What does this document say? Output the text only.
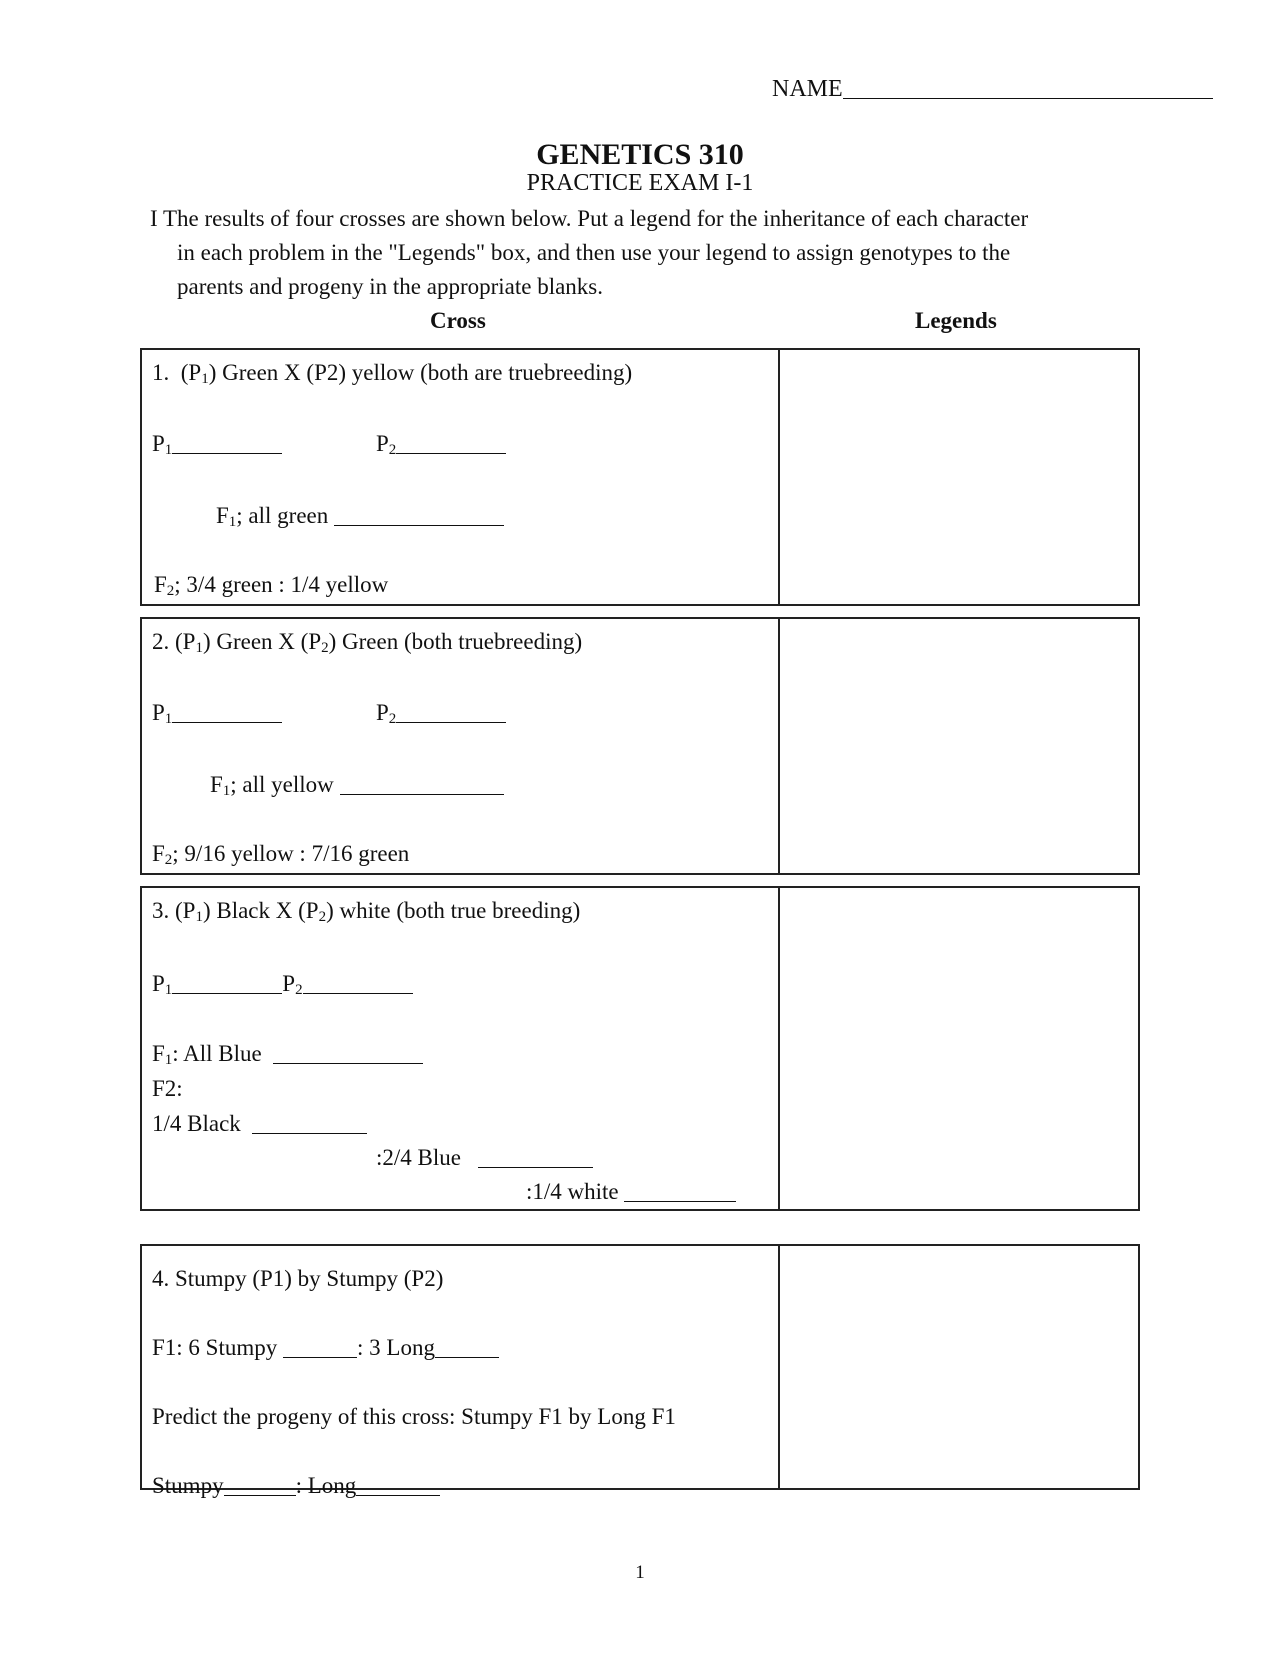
NAME
GENETICS 310
PRACTICE EXAM I-1
I The results of four crosses are shown below. Put a legend for the inheritance of each character
in each problem in the "Legends" box, and then use your legend to assign genotypes to the
parents and progeny in the appropriate blanks.
Cross	Legends
1. $(P_1)$ Green X (P2) yellow (both are truebreeding)
$P_1$	$P_2$
$F_1$; all green
$F_2$; 3/4 green : 1/4 yellow
2. $(P_1)$ Green X $(P_2)$ Green (both truebreeding)
$P_1$	$P_2$
$F_1$; all yellow
$F_2$; 9/16 yellow : 7/16 green
3. $(P_1)$ Black X $(P_2)$ white (both true breeding)
$P_1$	$P_2$
$F_1$: All Blue
F2:
1/4 Black
:2/4 Blue
:1/4 white
4. Stumpy (P1) by Stumpy (P2)
F1: 6 Stumpy	: 3 Long
Predict the progeny of this cross: Stumpy F1 by Long F1
Stumpy	: Long
1
